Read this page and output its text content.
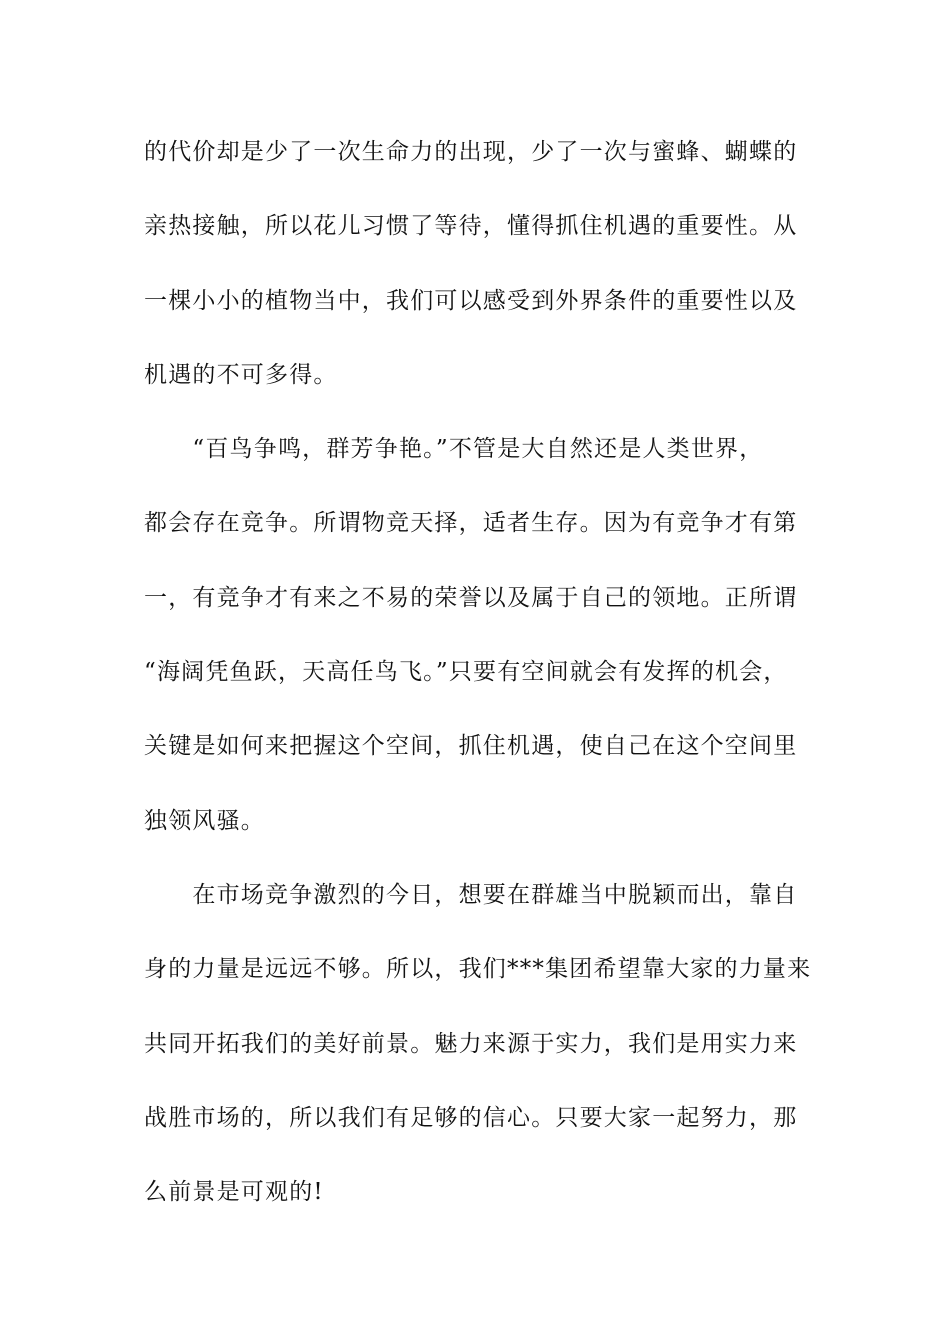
的代价却是少了一次生命力的出现，少了一次与蜜蜂、蝴蝶的
亲热接触，所以花儿习惯了等待，懂得抓住机遇的重要性。从
一棵小小的植物当中，我们可以感受到外界条件的重要性以及
机遇的不可多得。
　　“百鸟争鸣，群芳争艳。”不管是大自然还是人类世界，
都会存在竞争。所谓物竞天择，适者生存。因为有竞争才有第
一，有竞争才有来之不易的荣誉以及属于自己的领地。正所谓
“海阔凭鱼跃，天高任鸟飞。”只要有空间就会有发挥的机会，
关键是如何来把握这个空间，抓住机遇，使自己在这个空间里
独领风骚。
　　在市场竞争激烈的今日，想要在群雄当中脱颖而出，靠自
身的力量是远远不够。所以，我们***集团希望靠大家的力量来
共同开拓我们的美好前景。魅力来源于实力，我们是用实力来
战胜市场的，所以我们有足够的信心。只要大家一起努力，那
么前景是可观的!
